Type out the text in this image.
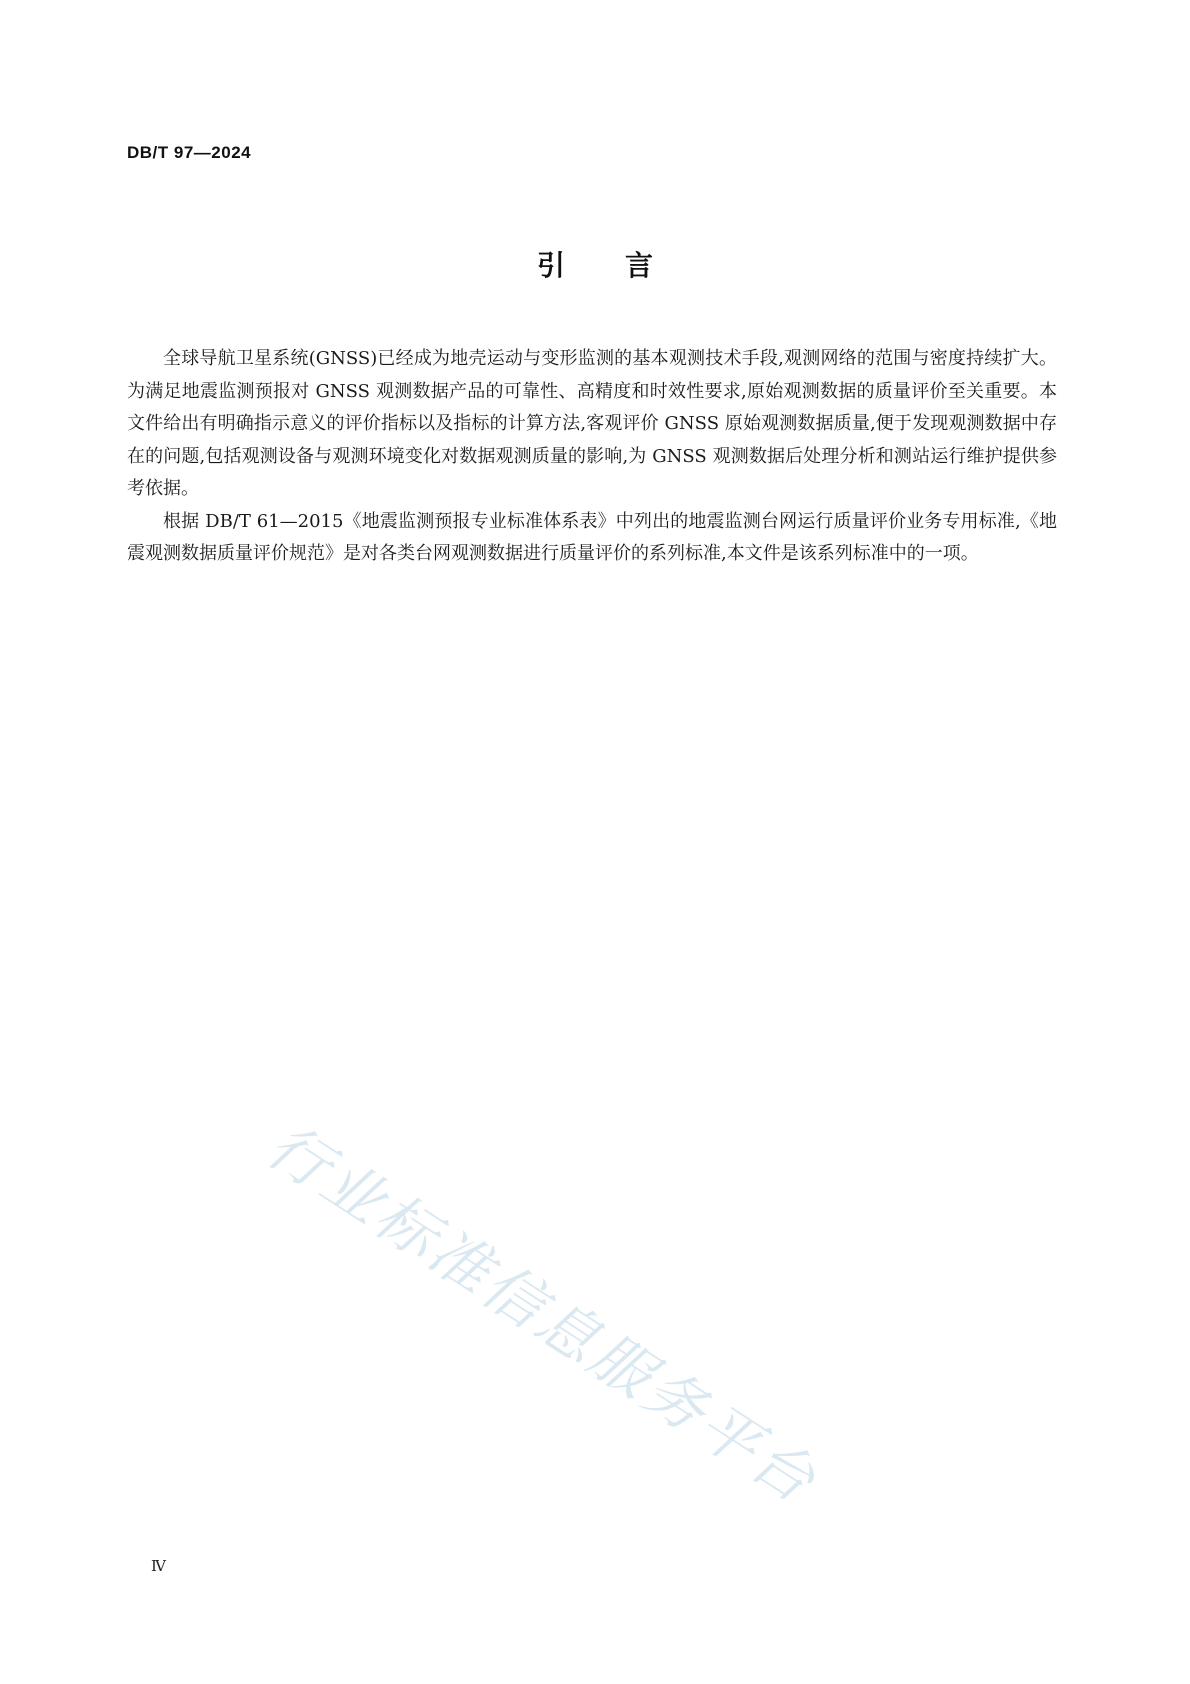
DB/T 97—2024
引言

全球导航卫星系统(GNSS)已经成为地壳运动与变形监测的基本观测技术手段,观测网络的范围与密度持续扩大。为满足地震监测预报对 GNSS 观测数据产品的可靠性、高精度和时效性要求,原始观测数据的质量评价至关重要。本文件给出有明确指示意义的评价指标以及指标的计算方法,客观评价 GNSS 原始观测数据质量,便于发现观测数据中存在的问题,包括观测设备与观测环境变化对数据观测质量的影响,为 GNSS 观测数据后处理分析和测站运行维护提供参考依据。

根据 DB/T 61—2015《地震监测预报专业标准体系表》中列出的地震监测台网运行质量评价业务专用标准,《地震观测数据质量评价规范》是对各类台网观测数据进行质量评价的系列标准,本文件是该系列标准中的一项。

行业标准信息服务平台
Ⅳ
